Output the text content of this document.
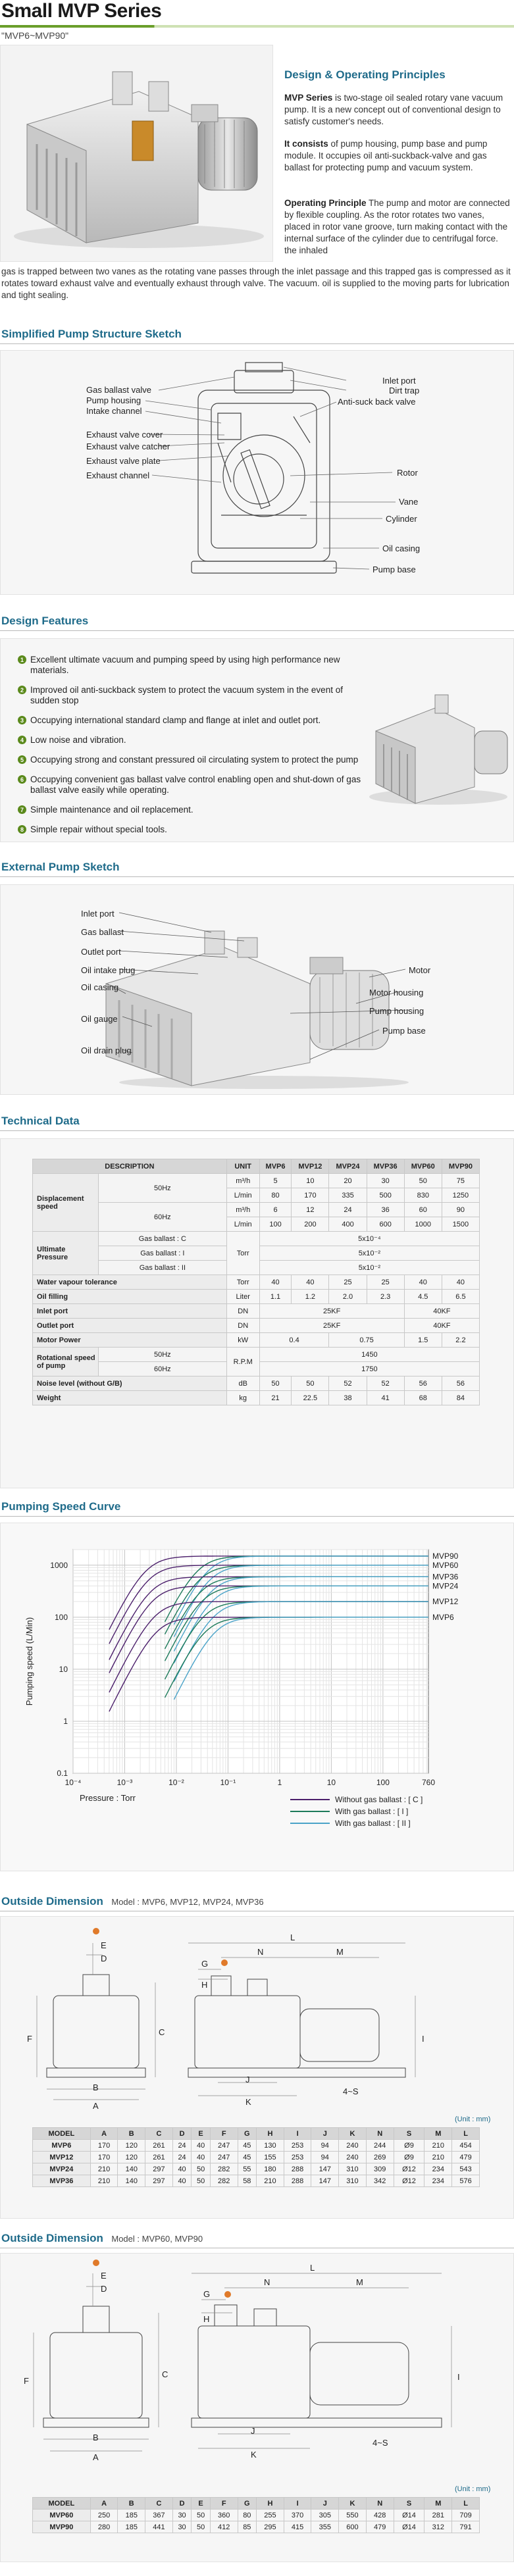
Small MVP Series
"MVP6~MVP90"
Design & Operating Principles
MVP Series is two-stage oil sealed rotary vane vacuum pump. It is a new concept out of conventional design to satisfy customer's needs.
It consists of pump housing, pump base and pump module. It occupies oil anti-suckback-valve and gas ballast for protecting pump and vacuum system.
Operating Principle The pump and motor are connected by flexible coupling. As the rotor rotates two vanes, placed in rotor vane groove, turn making contact with the internal surface of the cylinder due to centrifugal force. the inhaled
gas is trapped between two vanes as the rotating vane passes through the inlet passage and this trapped gas is compressed as it rotates toward exhaust valve and eventually exhaust through valve. The vacuum. oil is supplied to the moving parts for lubrication and tight sealing.
Simplified Pump Structure Sketch
Gas ballast valve
Pump housing
Intake channel
Exhaust valve cover
Exhaust valve catcher
Exhaust valve plate
Exhaust channel
Inlet port
Dirt trap
Anti-suck back valve
Rotor
Vane
Cylinder
Oil casing
Pump base
Design Features
1 Excellent ultimate vacuum and pumping speed by using high performance new materials.
2 Improved oil anti-suckback system to protect the vacuum system in the event of sudden stop
3 Occupying international standard clamp and flange at inlet and outlet port.
4 Low noise and vibration.
5 Occupying strong and constant pressured oil circulating system to protect the pump
6 Occupying convenient gas ballast valve control enabling open and shut-down of gas ballast valve easily while operating.
7 Simple maintenance and oil replacement.
8 Simple repair without special tools.
External Pump Sketch
Inlet port
Gas ballast
Outlet port
Oil intake plug
Oil casing
Oil gauge
Oil drain plug
Motor
Motor housing
Pump housing
Pump base
Technical Data
DESCRIPTION		UNIT	MVP6	MVP12	MVP24	MVP36	MVP60	MVP90
Displacement speed	50Hz	m³/h	5	10	20	30	50	75
		L/min	80	170	335	500	830	1250
	60Hz	m³/h	6	12	24	36	60	90
		L/min	100	200	400	600	1000	1500
Ultimate Pressure	Gas ballast : C	Torr	5x10⁻⁴					
	Gas ballast : I		5x10⁻²					
	Gas ballast : II		5x10⁻²					
Water vapour tolerance		Torr	40	40	25	25	40	40
Oil filling		Liter	1.1	1.2	2.0	2.3	4.5	6.5
Inlet port		DN	25KF				40KF	
Outlet port		DN	25KF				40KF	
Motor Power		kW	0.4		0.75		1.5	2.2
Rotational speed of pump	50Hz	R.P.M	1450					
	60Hz		1750					
Noise level (without G/B)		dB	50	50	52	52	56	56
Weight		kg	21	22.5	38	41	68	84
Pumping Speed Curve
1000
100
10
1
0.1
10⁻⁴	10⁻³	10⁻²	10⁻¹	1	10	100	760
Pumping speed (L/Min)
Pressure : Torr
MVP90
MVP60
MVP36
MVP24
MVP12
MVP6
Without gas ballast : [ C ]
With gas ballast : [ I ]
With gas ballast : [ II ]
Outside Dimension Model : MVP6, MVP12, MVP24, MVP36
E
D
F
C
B
A
L
N	M
G
H
J
K
I
4~S
(Unit : mm)
MODEL	A	B	C	D	E	F	G	H	I	J	K	N	S	M	L
MVP6	170	120	261	24	40	247	45	130	253	94	240	244	Ø9	210	454
MVP12	170	120	261	24	40	247	45	155	253	94	240	269	Ø9	210	479
MVP24	210	140	297	40	50	282	55	180	288	147	310	309	Ø12	234	543
MVP36	210	140	297	40	50	282	58	210	288	147	310	342	Ø12	234	576
Outside Dimension Model : MVP60, MVP90
E
D
F
C
B
A
L
N	M
G
H
J
K
I
4~S
(Unit : mm)
MODEL	A	B	C	D	E	F	G	H	I	J	K	N	S	M	L
MVP60	250	185	367	30	50	360	80	255	370	305	550	428	Ø14	281	709
MVP90	280	185	441	30	50	412	85	295	415	355	600	479	Ø14	312	791
